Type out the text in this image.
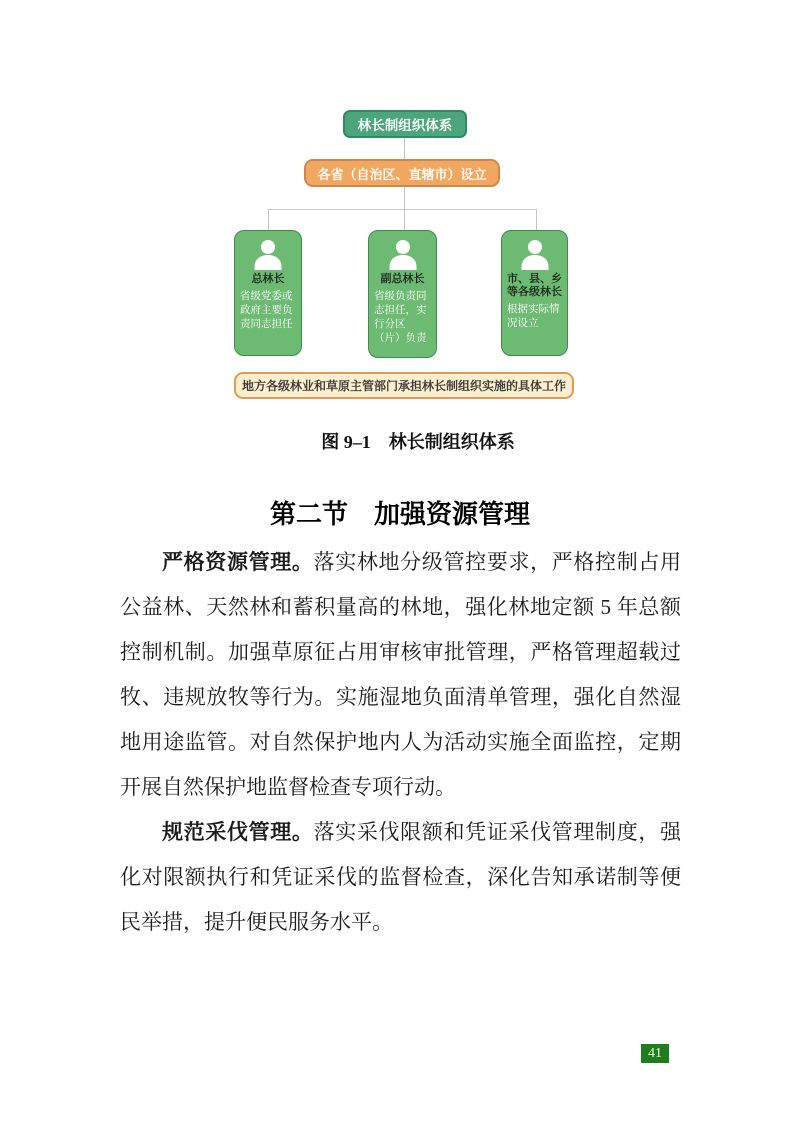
林长制组织体系
各省（自治区、直辖市）设立
总林长
省级党委或政府主要负责同志担任
副总林长
省级负责同志担任，实行分区（片）负责
市、县、乡等各级林长
根据实际情况设立
地方各级林业和草原主管部门承担林长制组织实施的具体工作
图 9–1　林长制组织体系
第二节　加强资源管理

严格资源管理。落实林地分级管控要求，严格控制占用公益林、天然林和蓄积量高的林地，强化林地定额 5 年总额控制机制。加强草原征占用审核审批管理，严格管理超载过牧、违规放牧等行为。实施湿地负面清单管理，强化自然湿地用途监管。对自然保护地内人为活动实施全面监控，定期开展自然保护地监督检查专项行动。

规范采伐管理。落实采伐限额和凭证采伐管理制度，强化对限额执行和凭证采伐的监督检查，深化告知承诺制等便民举措，提升便民服务水平。

41
